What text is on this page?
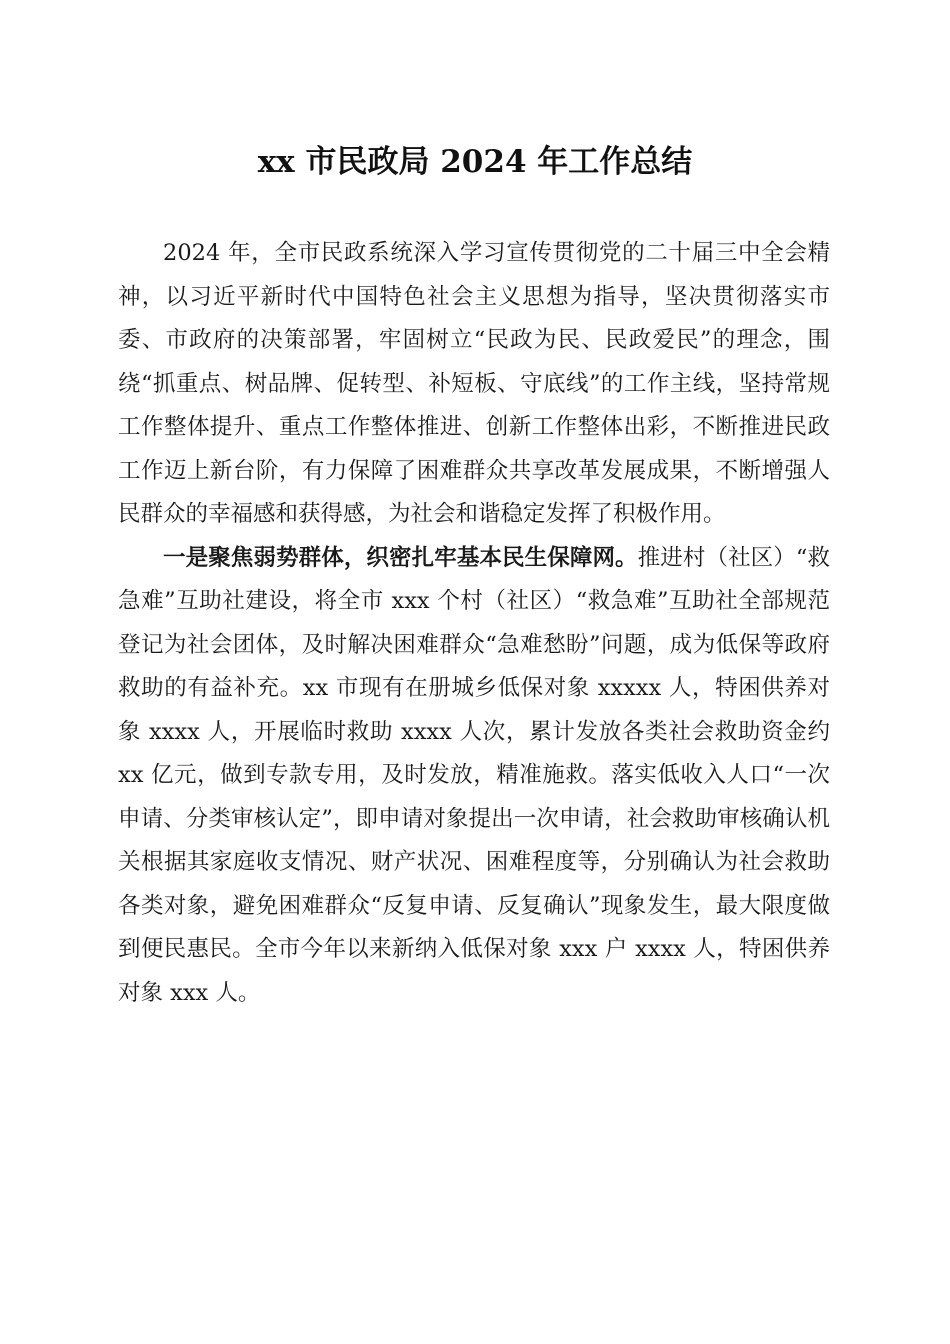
xx 市民政局 2024 年工作总结

2024 年，全市民政系统深入学习宣传贯彻党的二十届三中全会精神，以习近平新时代中国特色社会主义思想为指导，坚决贯彻落实市委、市政府的决策部署，牢固树立“民政为民、民政爱民”的理念，围绕“抓重点、树品牌、促转型、补短板、守底线”的工作主线，坚持常规工作整体提升、重点工作整体推进、创新工作整体出彩，不断推进民政工作迈上新台阶，有力保障了困难群众共享改革发展成果，不断增强人民群众的幸福感和获得感，为社会和谐稳定发挥了积极作用。

一是聚焦弱势群体，织密扎牢基本民生保障网。推进村（社区）“救急难”互助社建设，将全市 xxx 个村（社区）“救急难”互助社全部规范登记为社会团体，及时解决困难群众“急难愁盼”问题，成为低保等政府救助的有益补充。xx 市现有在册城乡低保对象 xxxxx 人，特困供养对象 xxxx 人，开展临时救助 xxxx 人次，累计发放各类社会救助资金约 xx 亿元，做到专款专用，及时发放，精准施救。落实低收入人口“一次申请、分类审核认定”，即申请对象提出一次申请，社会救助审核确认机关根据其家庭收支情况、财产状况、困难程度等，分别确认为社会救助各类对象，避免困难群众“反复申请、反复确认”现象发生，最大限度做到便民惠民。全市今年以来新纳入低保对象 xxx 户 xxxx 人，特困供养对象 xxx 人。
